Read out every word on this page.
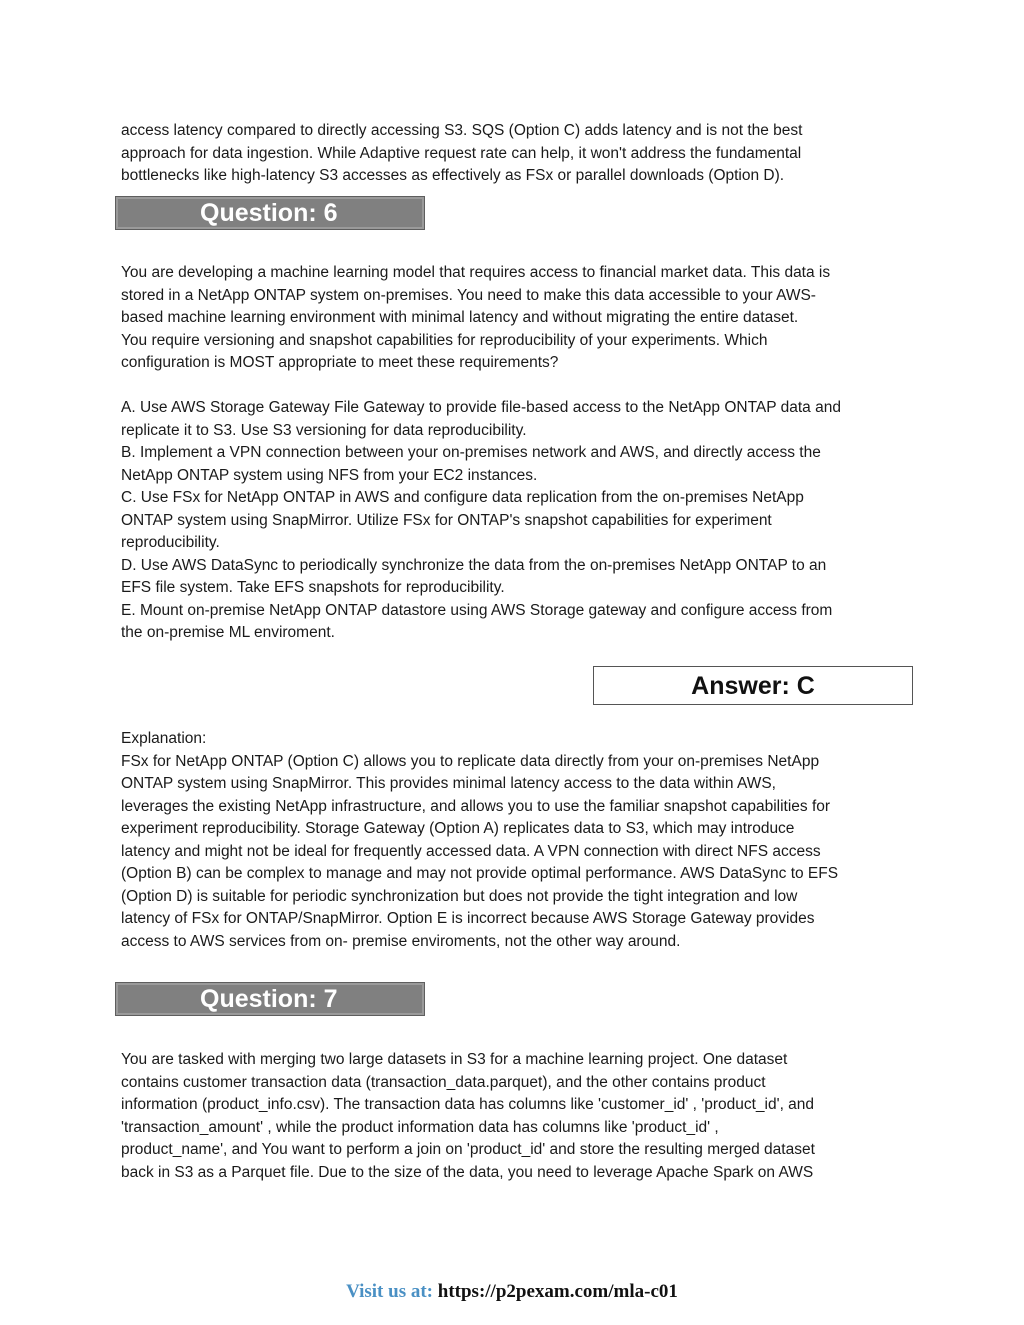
access latency compared to directly accessing S3. SQS (Option C) adds latency and is not the best
approach for data ingestion. While Adaptive request rate can help, it won't address the fundamental
bottlenecks like high-latency S3 accesses as effectively as FSx or parallel downloads (Option D).
Question: 6
You are developing a machine learning model that requires access to financial market data. This data is
stored in a NetApp ONTAP system on-premises. You need to make this data accessible to your AWS-
based machine learning environment with minimal latency and without migrating the entire dataset.
You require versioning and snapshot capabilities for reproducibility of your experiments. Which
configuration is MOST appropriate to meet these requirements?
A. Use AWS Storage Gateway File Gateway to provide file-based access to the NetApp ONTAP data and
replicate it to S3. Use S3 versioning for data reproducibility.
B. Implement a VPN connection between your on-premises network and AWS, and directly access the
NetApp ONTAP system using NFS from your EC2 instances.
C. Use FSx for NetApp ONTAP in AWS and configure data replication from the on-premises NetApp
ONTAP system using SnapMirror. Utilize FSx for ONTAP's snapshot capabilities for experiment
reproducibility.
D. Use AWS DataSync to periodically synchronize the data from the on-premises NetApp ONTAP to an
EFS file system. Take EFS snapshots for reproducibility.
E. Mount on-premise NetApp ONTAP datastore using AWS Storage gateway and configure access from
the on-premise ML enviroment.
Answer: C
Explanation:
FSx for NetApp ONTAP (Option C) allows you to replicate data directly from your on-premises NetApp
ONTAP system using SnapMirror. This provides minimal latency access to the data within AWS,
leverages the existing NetApp infrastructure, and allows you to use the familiar snapshot capabilities for
experiment reproducibility. Storage Gateway (Option A) replicates data to S3, which may introduce
latency and might not be ideal for frequently accessed data. A VPN connection with direct NFS access
(Option B) can be complex to manage and may not provide optimal performance. AWS DataSync to EFS
(Option D) is suitable for periodic synchronization but does not provide the tight integration and low
latency of FSx for ONTAP/SnapMirror. Option E is incorrect because AWS Storage Gateway provides
access to AWS services from on- premise enviroments, not the other way around.
Question: 7
You are tasked with merging two large datasets in S3 for a machine learning project. One dataset
contains customer transaction data (transaction_data.parquet), and the other contains product
information (product_info.csv). The transaction data has columns like 'customer_id' , 'product_id', and
'transaction_amount' , while the product information data has columns like 'product_id' ,
product_name', and You want to perform a join on 'product_id' and store the resulting merged dataset
back in S3 as a Parquet file. Due to the size of the data, you need to leverage Apache Spark on AWS
Visit us at: https://p2pexam.com/mla-c01
